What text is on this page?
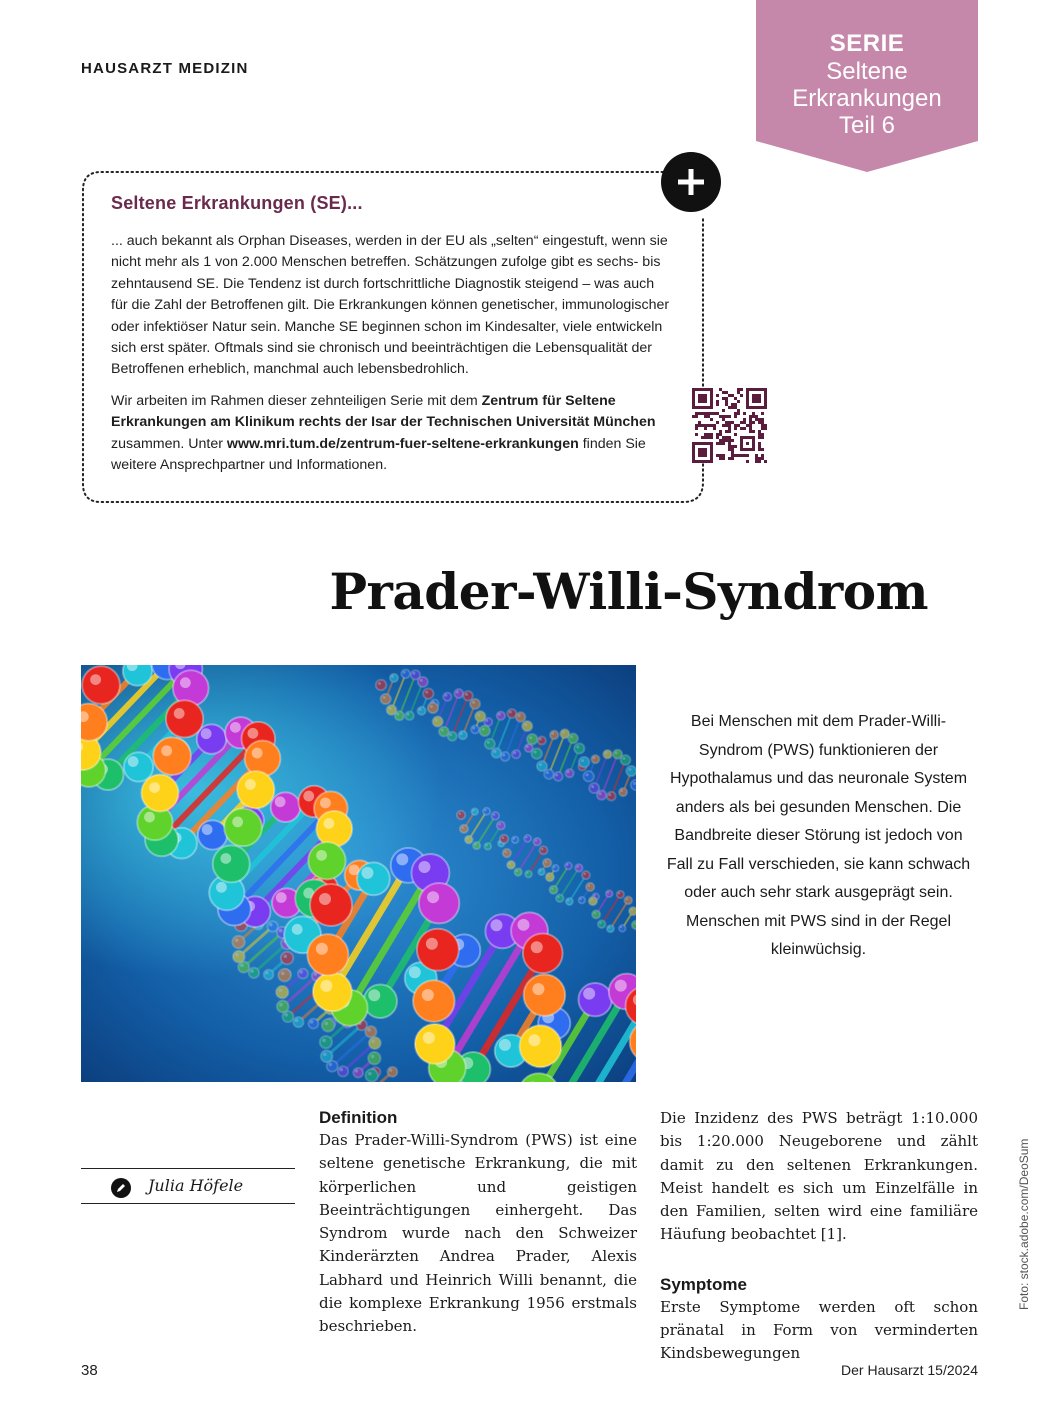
HAUSARZT MEDIZIN
SERIE
Seltene
Erkrankungen
Teil 6
Seltene Erkrankungen (SE)...
... auch bekannt als Orphan Diseases, werden in der EU als „selten“ eingestuft, wenn sie nicht mehr als 1 von 2.000 Menschen betreffen. Schätzungen zufolge gibt es sechs- bis zehntausend SE. Die Tendenz ist durch fortschrittliche Diagnostik steigend – was auch für die Zahl der Betroffenen gilt. Die Erkrankungen können genetischer, immunologischer oder infektiöser Natur sein. Manche SE beginnen schon im Kindesalter, viele entwickeln sich erst später. Oftmals sind sie chronisch und beeinträchtigen die Lebensqualität der Betroffenen erheblich, manchmal auch lebensbedrohlich.
Wir arbeiten im Rahmen dieser zehnteiligen Serie mit dem Zentrum für Seltene Erkrankungen am Klinikum rechts der Isar der Technischen Universität München zusammen. Unter www.mri.tum.de/zentrum-fuer-seltene-erkrankungen finden Sie weitere Ansprechpartner und Informationen.
Prader-Willi-Syndrom
Bei Menschen mit dem Prader-Willi-Syndrom (PWS) funktionieren der Hypothalamus und das neuronale System anders als bei gesunden Menschen. Die Bandbreite dieser Störung ist jedoch von Fall zu Fall verschieden, sie kann schwach oder auch sehr stark ausgeprägt sein. Menschen mit PWS sind in der Regel kleinwüchsig.
Julia Höfele
Definition

Das Prader-Willi-Syndrom (PWS) ist eine seltene genetische Erkrankung, die mit körperlichen und geistigen Beeinträchtigungen einhergeht. Das Syndrom wurde nach den Schweizer Kinderärzten Andrea Prader, Alexis Labhard und Heinrich Willi benannt, die die komplexe Erkrankung 1956 erstmals beschrieben.

Die Inzidenz des PWS beträgt 1:10.000 bis 1:20.000 Neugeborene und zählt damit zu den seltenen Erkrankungen. Meist handelt es sich um Einzelfälle in den Familien, selten wird eine familiäre Häufung beobachtet [1].

Symptome

Erste Symptome werden oft schon pränatal in Form von verminderten Kindsbewegungen

Foto: stock.adobe.com/DeoSum
38	Der Hausarzt 15/2024
